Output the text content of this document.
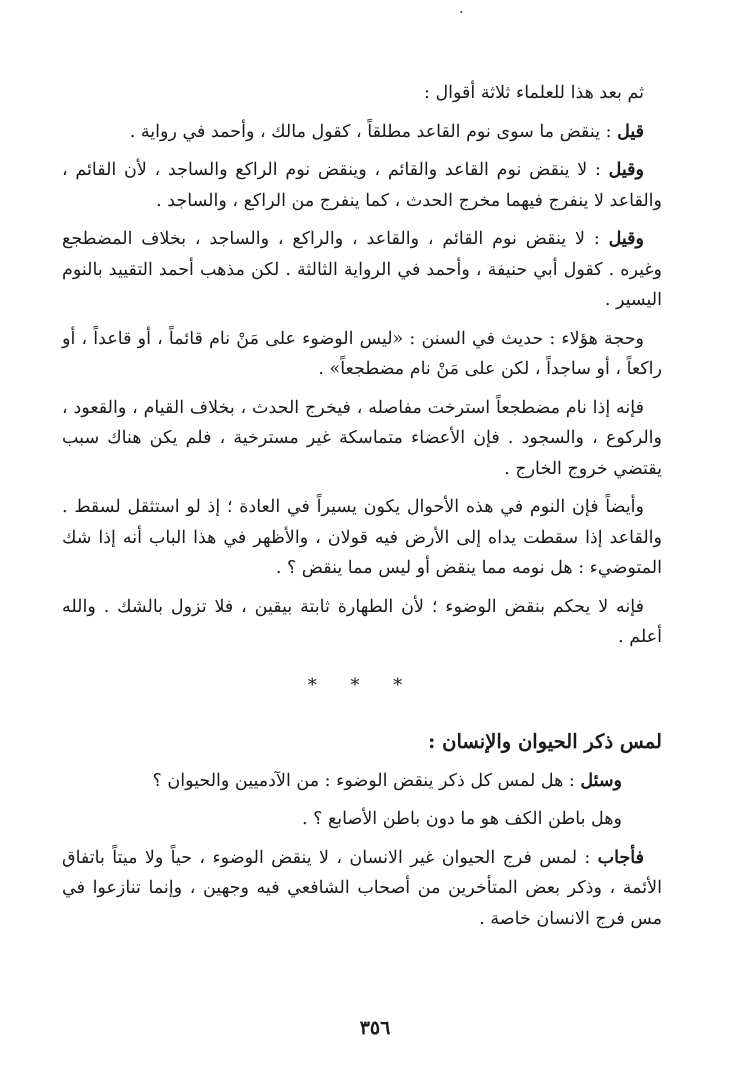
·

ثم بعد هذا للعلماء ثلاثة أقوال :

قيل : ينقض ما سوى نوم القاعد مطلقاً ، كقول مالك ، وأحمد في رواية .

وقيل : لا ينقض نوم القاعد والقائم ، وينقض نوم الراكع والساجد ، لأن القائم ، والقاعد لا ينفرج فيهما مخرج الحدث ، كما ينفرج من الراكع ، والساجد .

وقيل : لا ينقض نوم القائم ، والقاعد ، والراكع ، والساجد ، بخلاف المضطجع وغيره . كقول أبي حنيفة ، وأحمد في الرواية الثالثة . لكن مذهب أحمد التقييد بالنوم اليسير .

وحجة هؤلاء : حديث في السنن : «ليس الوضوء على مَنْ نام قائماً ، أو قاعداً ، أو راكعاً ، أو ساجداً ، لكن على مَنْ نام مضطجعاً» .

فإنه إذا نام مضطجعاً استرخت مفاصله ، فيخرج الحدث ، بخلاف القيام ، والقعود ، والركوع ، والسجود . فإن الأعضاء متماسكة غير مسترخية ، فلم يكن هناك سبب يقتضي خروج الخارج .

وأيضاً فإن النوم في هذه الأحوال يكون يسيراً في العادة ؛ إذ لو استثقل لسقط . والقاعد إذا سقطت يداه إلى الأرض فيه قولان ، والأظهر في هذا الباب أنه إذا شك المتوضيء : هل نومه مما ينقض أو ليس مما ينقض ؟ .

فإنه لا يحكم بنقض الوضوء ؛ لأن الطهارة ثابتة بيقين ، فلا تزول بالشك . والله أعلم .

* * *

لمس ذكر الحيوان والإنسان :

وسئل : هل لمس كل ذكر ينقض الوضوء : من الآدميين والحيوان ؟

وهل باطن الكف هو ما دون باطن الأصابع ؟ .

فأجاب : لمس فرج الحيوان غير الانسان ، لا ينقض الوضوء ، حياً ولا ميتاً باتفاق الأئمة ، وذكر بعض المتأخرين من أصحاب الشافعي فيه وجهين ، وإنما تنازعوا في مس فرج الانسان خاصة .

٣٥٦
